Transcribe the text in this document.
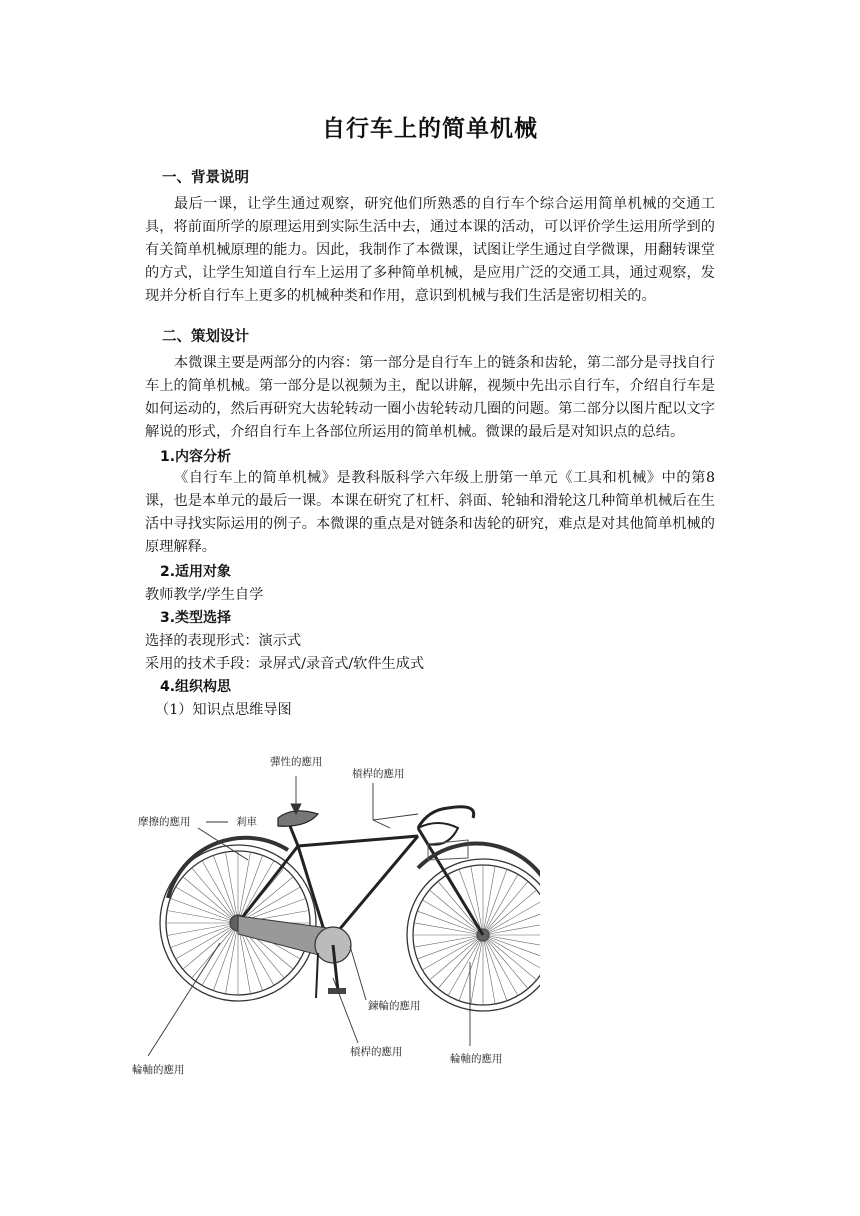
自行车上的简单机械
一、背景说明

最后一课，让学生通过观察，研究他们所熟悉的自行车个综合运用简单机械的交通工具，将前面所学的原理运用到实际生活中去，通过本课的活动，可以评价学生运用所学到的有关简单机械原理的能力。因此，我制作了本微课，试图让学生通过自学微课，用翻转课堂的方式，让学生知道自行车上运用了多种简单机械，是应用广泛的交通工具，通过观察，发现并分析自行车上更多的机械种类和作用，意识到机械与我们生活是密切相关的。

二、策划设计

本微课主要是两部分的内容：第一部分是自行车上的链条和齿轮，第二部分是寻找自行车上的简单机械。第一部分是以视频为主，配以讲解，视频中先出示自行车，介绍自行车是如何运动的，然后再研究大齿轮转动一圈小齿轮转动几圈的问题。第二部分以图片配以文字解说的形式，介绍自行车上各部位所运用的简单机械。微课的最后是对知识点的总结。

1.内容分析

《自行车上的简单机械》是教科版科学六年级上册第一单元《工具和机械》中的第8课，也是本单元的最后一课。本课在研究了杠杆、斜面、轮轴和滑轮这几种简单机械后在生活中寻找实际运用的例子。本微课的重点是对链条和齿轮的研究，难点是对其他简单机械的原理解释。

2.适用对象
教师教学/学生自学
3.类型选择
选择的表现形式：演示式
采用的技术手段：录屏式/录音式/软件生成式
4.组织构思
（1）知识点思维导图
彈性的應用
槓桿的應用
摩擦的應用	剎車
鍊輪的應用
槓桿的應用
輪軸的應用
輪軸的應用
